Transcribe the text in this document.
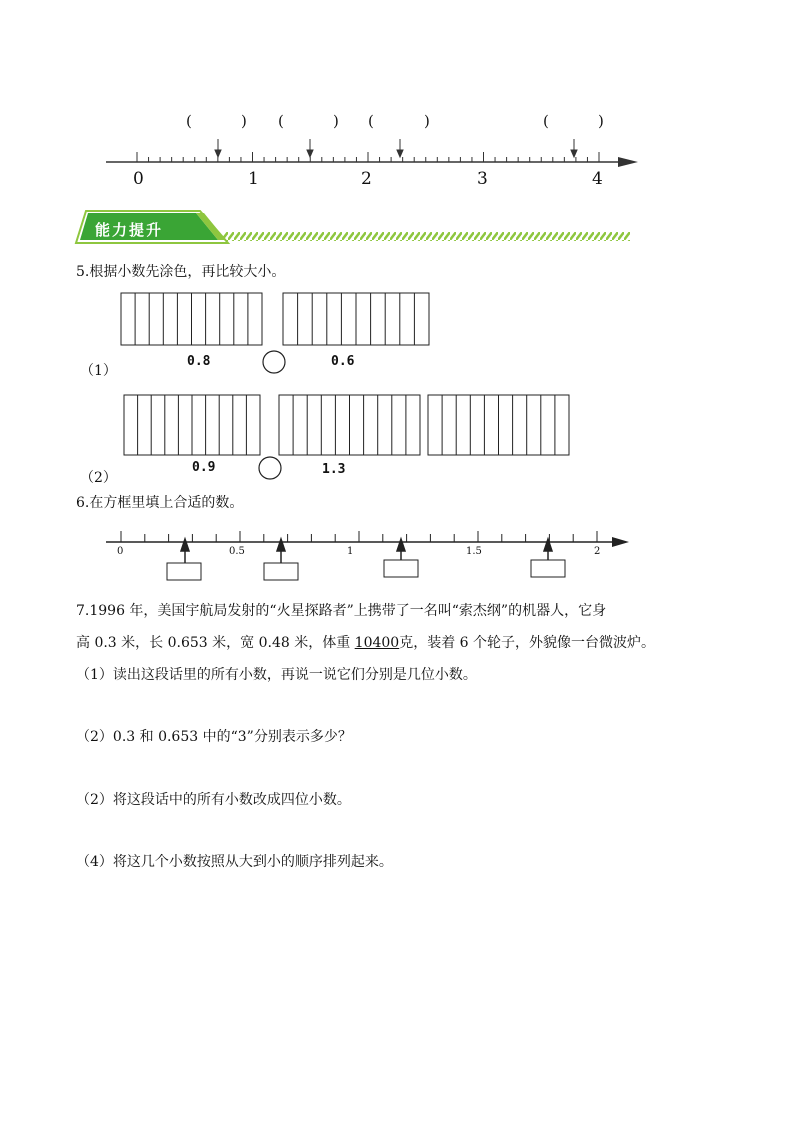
(	) (	) (	)	(	)
0	1	2	3	4
能力提升
5.根据小数先涂色，再比较大小。
（1）
0.8	0.6
（2）
0.9	1.3
6.在方框里填上合适的数。
0	0.5	1	1.5	2
7.1996 年，美国宇航局发射的“火星探路者”上携带了一名叫“索杰纲”的机器人，它身
高 0.3 米，长 0.653 米，宽 0.48 米，体重 10400克，装着 6 个轮子，外貌像一台微波炉。
（1）读出这段话里的所有小数，再说一说它们分别是几位小数。
（2）0.3 和 0.653 中的“3”分别表示多少？
（2）将这段话中的所有小数改成四位小数。
（4）将这几个小数按照从大到小的顺序排列起来。
